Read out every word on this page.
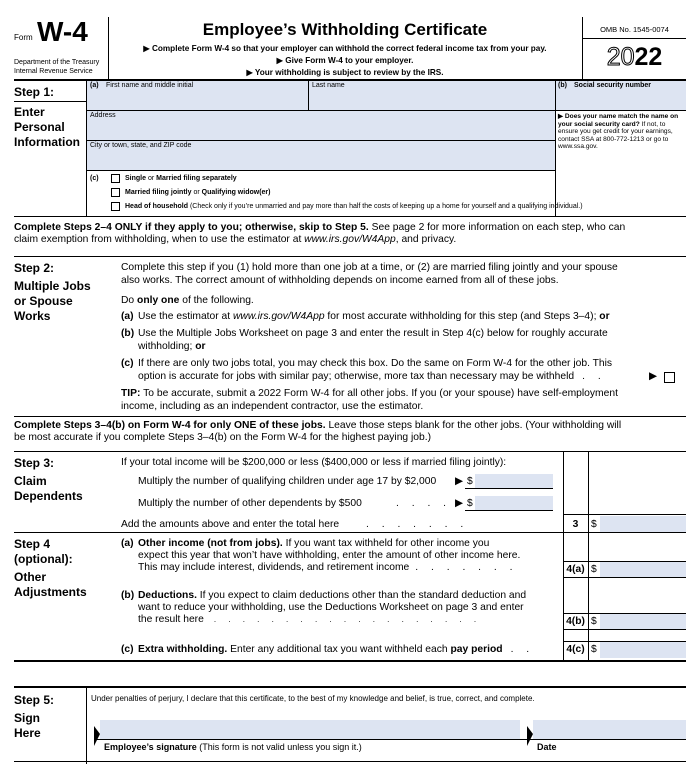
Form W-4
Department of the Treasury
Internal Revenue Service
Employee’s Withholding Certificate
▶ Complete Form W-4 so that your employer can withhold the correct federal income tax from your pay.
▶ Give Form W-4 to your employer.
▶ Your withholding is subject to review by the IRS.
OMB No. 1545-0074
2022
Step 1:
Enter
Personal
Information
(a) First name and middle initial	Last name	(b) Social security number
Address
City or town, state, and ZIP code
▶ Does your name match the name on your social security card? If not, to ensure you get credit for your earnings, contact SSA at 800-772-1213 or go to www.ssa.gov.
(c)	Single or Married filing separately
Married filing jointly or Qualifying widow(er)
Head of household (Check only if you’re unmarried and pay more than half the costs of keeping up a home for yourself and a qualifying individual.)
Complete Steps 2–4 ONLY if they apply to you; otherwise, skip to Step 5. See page 2 for more information on each step, who can
claim exemption from withholding, when to use the estimator at www.irs.gov/W4App, and privacy.
Step 2:
Multiple Jobs
or Spouse
Works
Complete this step if you (1) hold more than one job at a time, or (2) are married filing jointly and your spouse
also works. The correct amount of withholding depends on income earned from all of these jobs.
Do only one of the following.
(a) Use the estimator at www.irs.gov/W4App for most accurate withholding for this step (and Steps 3–4); or
(b) Use the Multiple Jobs Worksheet on page 3 and enter the result in Step 4(c) below for roughly accurate
withholding; or
(c) If there are only two jobs total, you may check this box. Do the same on Form W-4 for the other job. This
option is accurate for jobs with similar pay; otherwise, more tax than necessary may be withheld . .	▶
TIP: To be accurate, submit a 2022 Form W-4 for all other jobs. If you (or your spouse) have self-employment
income, including as an independent contractor, use the estimator.
Complete Steps 3–4(b) on Form W-4 for only ONE of these jobs. Leave those steps blank for the other jobs. (Your withholding will
be most accurate if you complete Steps 3–4(b) on the Form W-4 for the highest paying job.)
Step 3:
Claim
Dependents
If your total income will be $200,000 or less ($400,000 or less if married filing jointly):
Multiply the number of qualifying children under age 17 by $2,000 ▶ $
Multiply the number of other dependents by $500	. . . . ▶ $
Add the amounts above and enter the total here	. . . . . . .	3	$
Step 4
(optional):
Other
Adjustments
(a) Other income (not from jobs). If you want tax withheld for other income you
expect this year that won’t have withholding, enter the amount of other income here.
This may include interest, dividends, and retirement income . . . . . . .	4(a) $
(b) Deductions. If you expect to claim deductions other than the standard deduction and
want to reduce your withholding, use the Deductions Worksheet on page 3 and enter
the result here . . . . . . . . . . . . . . . . . . .	4(b) $
(c) Extra withholding. Enter any additional tax you want withheld each pay period . .	4(c) $
Step 5:
Sign
Here
Under penalties of perjury, I declare that this certificate, to the best of my knowledge and belief, is true, correct, and complete.
Employee’s signature (This form is not valid unless you sign it.)	Date
